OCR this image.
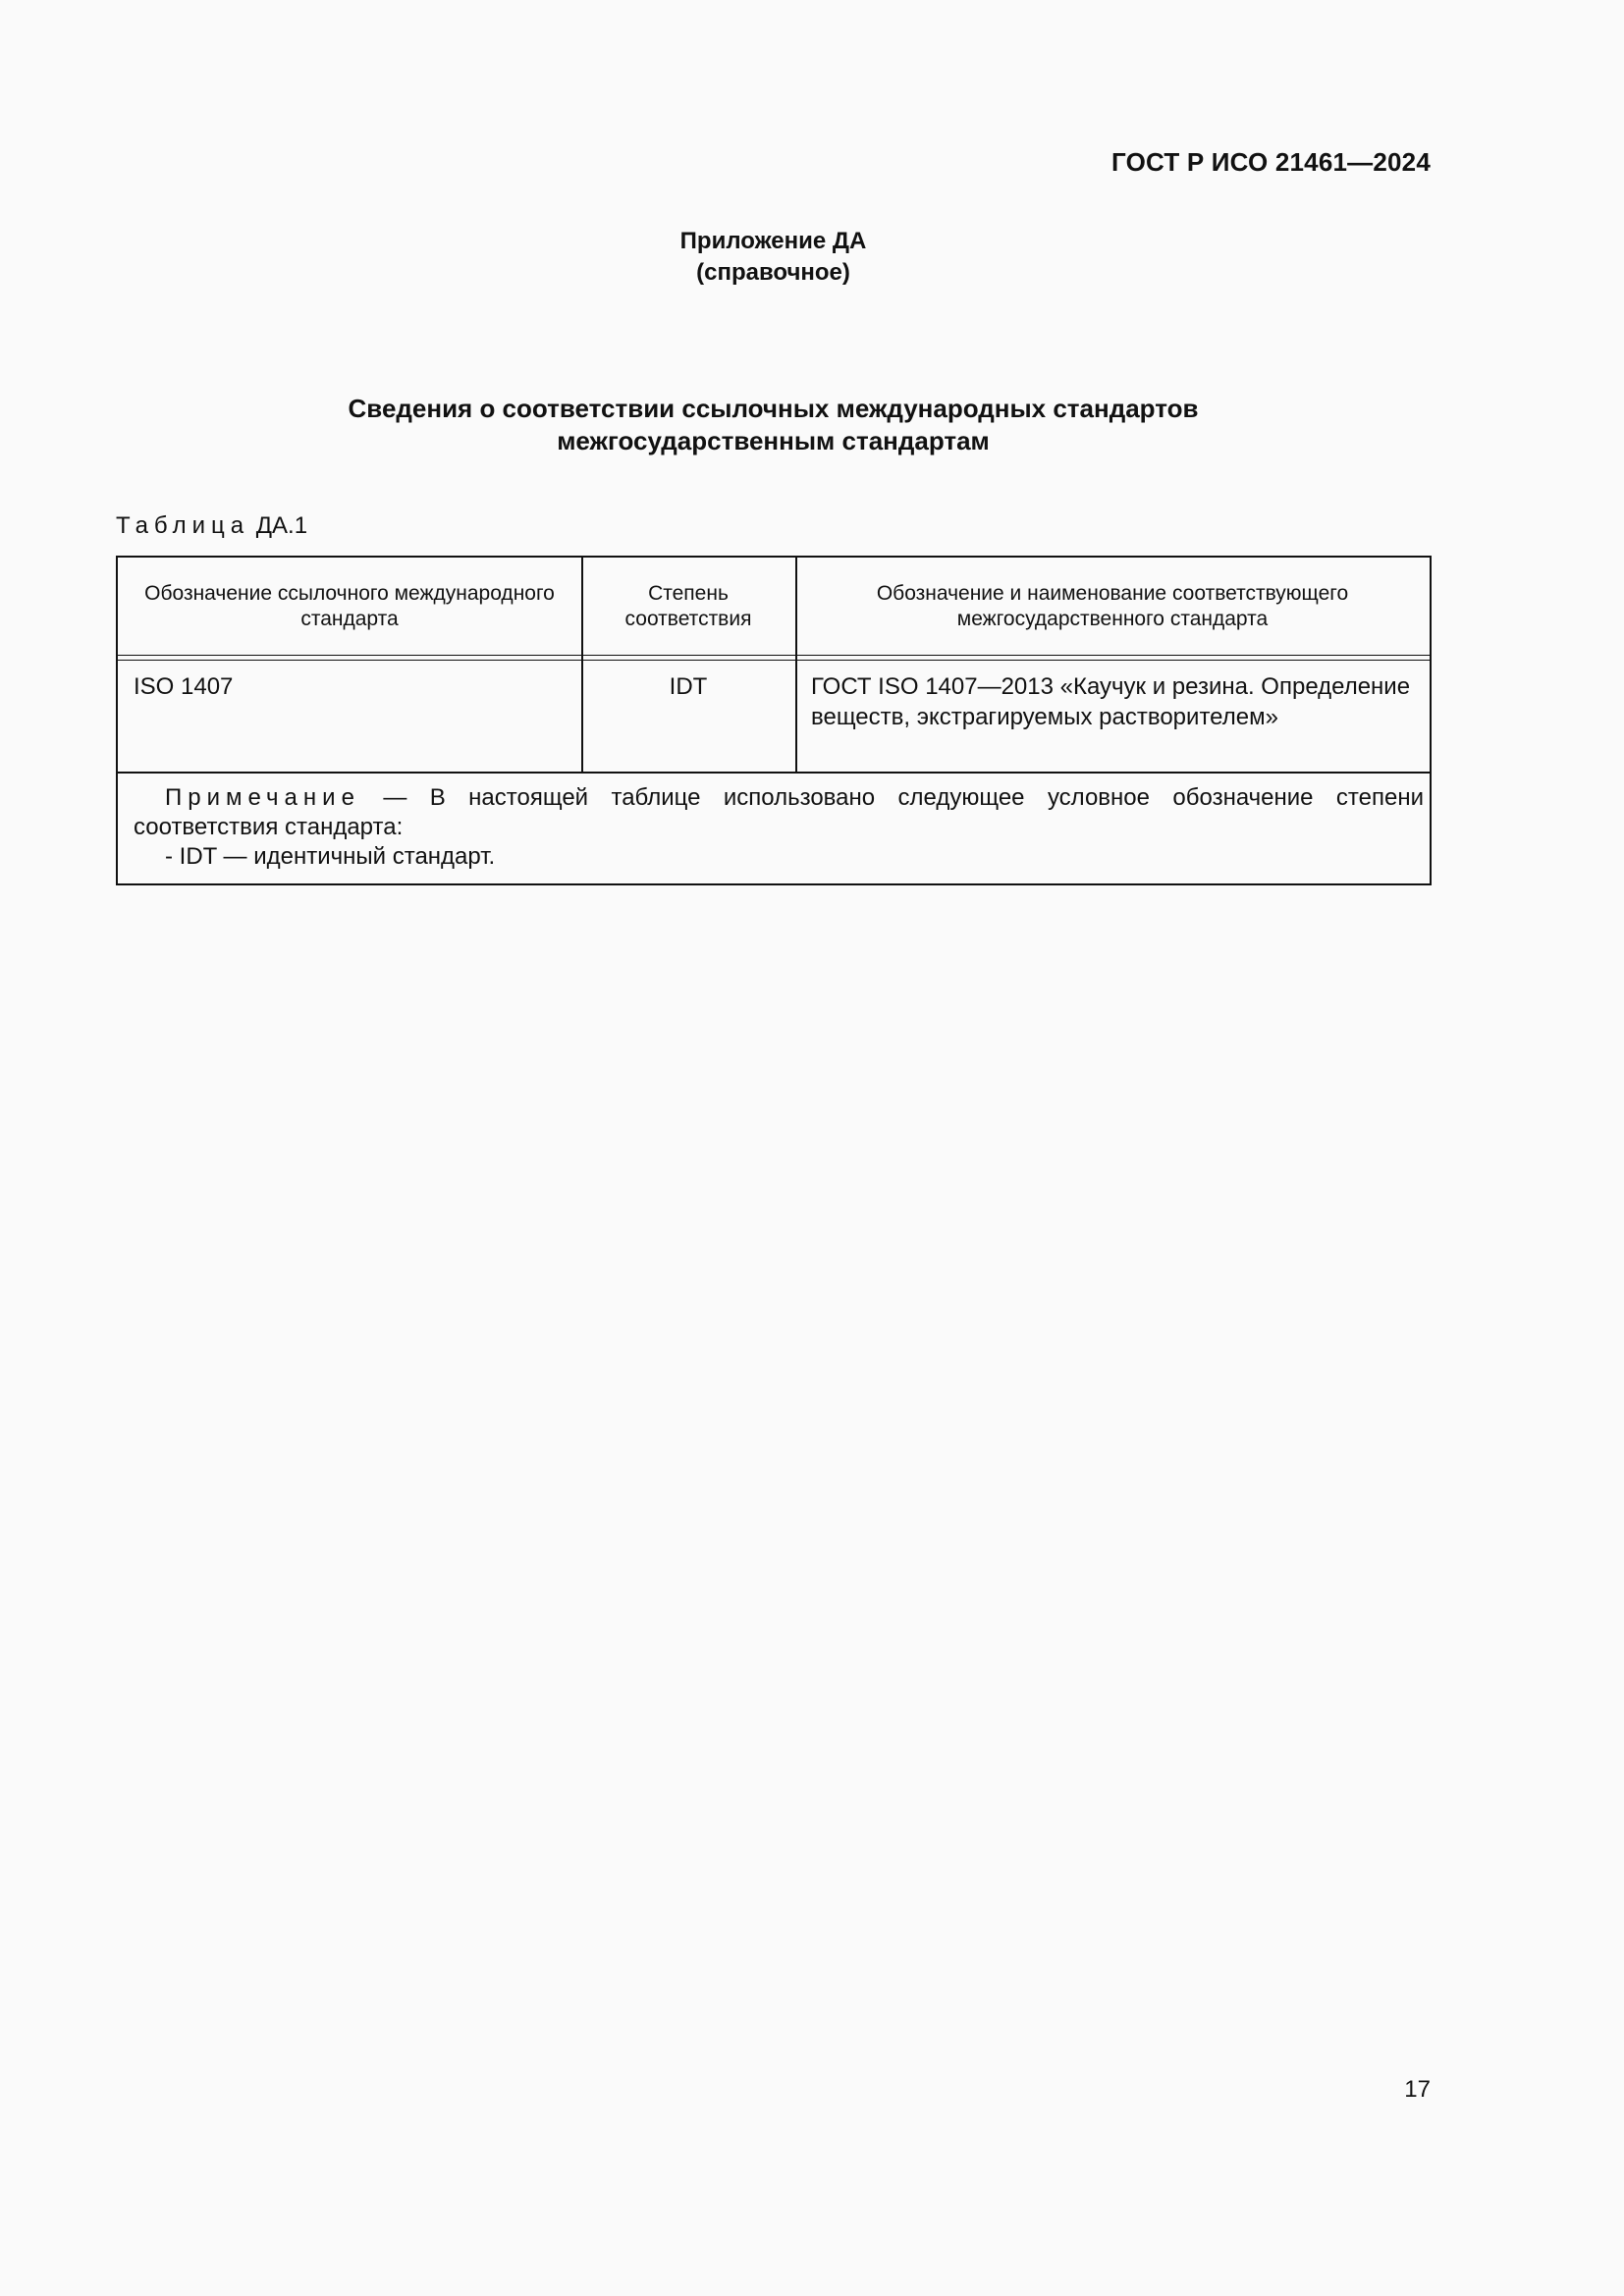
ГОСТ Р ИСО 21461—2024
Приложение ДА
(справочное)
Сведения о соответствии ссылочных международных стандартов
межгосударственным стандартам
Таблица ДА.1
Обозначение ссылочного международного стандарта
Степень соответствия
Обозначение и наименование соответствующего межгосударственного стандарта
ISO 1407	IDT	ГОСТ ISO 1407—2013 «Каучук и резина. Определение веществ, экстрагируемых растворителем»
Примечание — В настоящей таблице использовано следующее условное обозначение степени
соответствия стандарта:
- IDT — идентичный стандарт.
17
